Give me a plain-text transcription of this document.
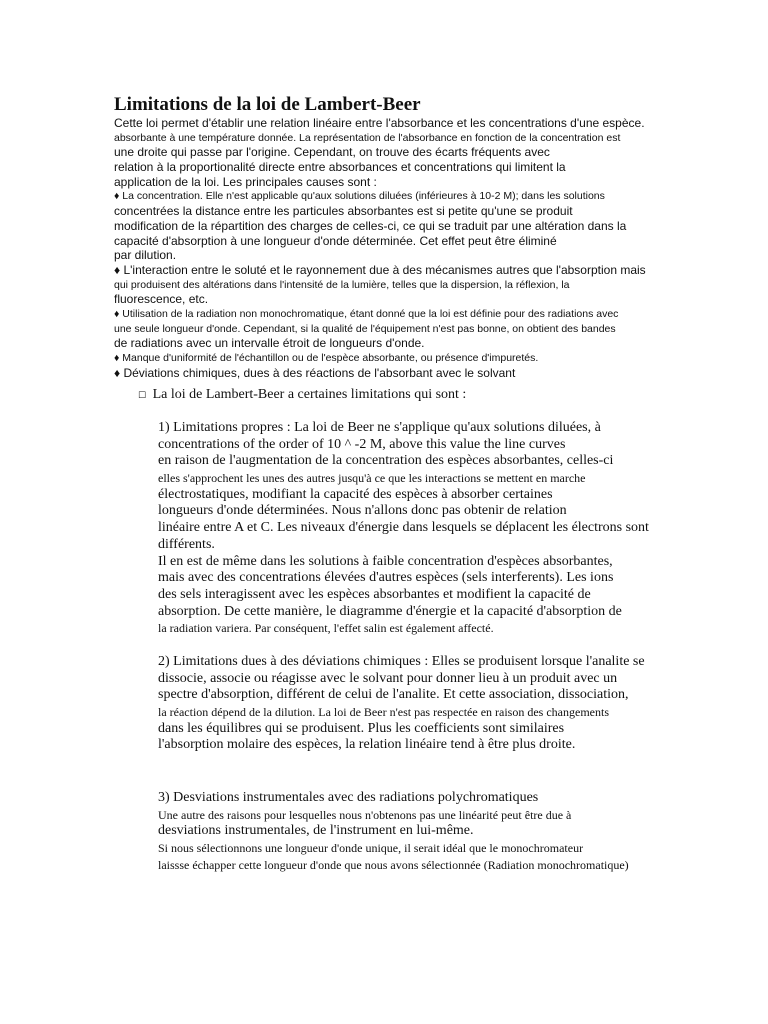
Limitations de la loi de Lambert-Beer
Cette loi permet d'établir une relation linéaire entre l'absorbance et les concentrations d'une espèce.
absorbante à une température donnée. La représentation de l'absorbance en fonction de la concentration est
une droite qui passe par l'origine. Cependant, on trouve des écarts fréquents avec
relation à la proportionalité directe entre absorbances et concentrations qui limitent la
application de la loi. Les principales causes sont :
♦ La concentration. Elle n'est applicable qu'aux solutions diluées (inférieures à 10-2 M); dans les solutions
concentrées la distance entre les particules absorbantes est si petite qu'une se produit
modification de la répartition des charges de celles-ci, ce qui se traduit par une altération dans la
capacité d'absorption à une longueur d'onde déterminée. Cet effet peut être éliminé
par dilution.
♦ L'interaction entre le soluté et le rayonnement due à des mécanismes autres que l'absorption mais
qui produisent des altérations dans l'intensité de la lumière, telles que la dispersion, la réflexion, la
fluorescence, etc.
♦ Utilisation de la radiation non monochromatique, étant donné que la loi est définie pour des radiations avec
une seule longueur d'onde. Cependant, si la qualité de l'équipement n'est pas bonne, on obtient des bandes
de radiations avec un intervalle étroit de longueurs d'onde.
♦ Manque d'uniformité de l'échantillon ou de l'espèce absorbante, ou présence d'impuretés.
♦ Déviations chimiques, dues à des réactions de l'absorbant avec le solvant
☐ La loi de Lambert-Beer a certaines limitations qui sont :
1) Limitations propres : La loi de Beer ne s'applique qu'aux solutions diluées, à
concentrations of the order of 10 ^ -2 M, above this value the line curves
en raison de l'augmentation de la concentration des espèces absorbantes, celles-ci
elles s'approchent les unes des autres jusqu'à ce que les interactions se mettent en marche
électrostatiques, modifiant la capacité des espèces à absorber certaines
longueurs d'onde déterminées. Nous n'allons donc pas obtenir de relation
linéaire entre A et C. Les niveaux d'énergie dans lesquels se déplacent les électrons sont
différents.
Il en est de même dans les solutions à faible concentration d'espèces absorbantes,
mais avec des concentrations élevées d'autres espèces (sels interferents). Les ions
des sels interagissent avec les espèces absorbantes et modifient la capacité de
absorption. De cette manière, le diagramme d'énergie et la capacité d'absorption de
la radiation variera. Par conséquent, l'effet salin est également affecté.
2) Limitations dues à des déviations chimiques : Elles se produisent lorsque l'analite se
dissocie, associe ou réagisse avec le solvant pour donner lieu à un produit avec un
spectre d'absorption, différent de celui de l'analite. Et cette association, dissociation,
la réaction dépend de la dilution. La loi de Beer n'est pas respectée en raison des changements
dans les équilibres qui se produisent. Plus les coefficients sont similaires
l'absorption molaire des espèces, la relation linéaire tend à être plus droite.
3) Desviations instrumentales avec des radiations polychromatiques
Une autre des raisons pour lesquelles nous n'obtenons pas une linéarité peut être due à
desviations instrumentales, de l'instrument en lui-même.
Si nous sélectionnons une longueur d'onde unique, il serait idéal que le monochromateur
laissse échapper cette longueur d'onde que nous avons sélectionnée (Radiation monochromatique)
